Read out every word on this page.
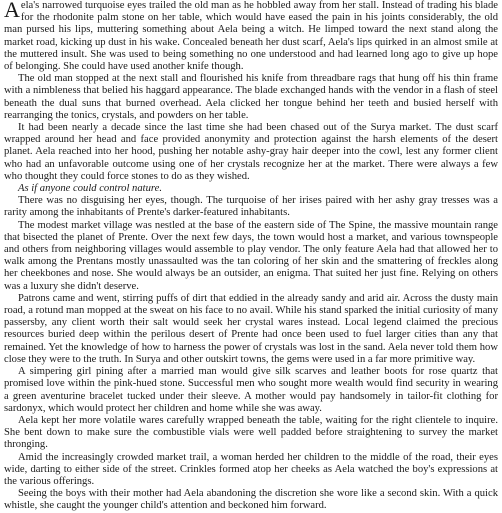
Aela's narrowed turquoise eyes trailed the old man as he hobbled away from her stall. Instead of trading his blade for the rhodonite palm stone on her table, which would have eased the pain in his joints considerably, the old man pursed his lips, muttering something about Aela being a witch. He limped toward the next stand along the market road, kicking up dust in his wake. Concealed beneath her dust scarf, Aela's lips quirked in an almost smile at the muttered insult. She was used to being something no one understood and had learned long ago to give up hope of belonging. She could have used another knife though.

The old man stopped at the next stall and flourished his knife from threadbare rags that hung off his thin frame with a nimbleness that belied his haggard appearance. The blade exchanged hands with the vendor in a flash of steel beneath the dual suns that burned overhead. Aela clicked her tongue behind her teeth and busied herself with rearranging the tonics, crystals, and powders on her table.

It had been nearly a decade since the last time she had been chased out of the Surya market. The dust scarf wrapped around her head and face provided anonymity and protection against the harsh elements of the desert planet. Aela reached into her hood, pushing her notable ashy-gray hair deeper into the cowl, lest any former client who had an unfavorable outcome using one of her crystals recognize her at the market. There were always a few who thought they could force stones to do as they wished.

As if anyone could control nature.

There was no disguising her eyes, though. The turquoise of her irises paired with her ashy gray tresses was a rarity among the inhabitants of Prente's darker-featured inhabitants.

The modest market village was nestled at the base of the eastern side of The Spine, the massive mountain range that bisected the planet of Prente. Over the next few days, the town would host a market, and various townspeople and others from neighboring villages would assemble to play vendor. The only feature Aela had that allowed her to walk among the Prentans mostly unassaulted was the tan coloring of her skin and the smattering of freckles along her cheekbones and nose. She would always be an outsider, an enigma. That suited her just fine. Relying on others was a luxury she didn't deserve.

Patrons came and went, stirring puffs of dirt that eddied in the already sandy and arid air. Across the dusty main road, a rotund man mopped at the sweat on his face to no avail. While his stand sparked the initial curiosity of many passersby, any client worth their salt would seek her crystal wares instead. Local legend claimed the precious resources buried deep within the perilous desert of Prente had once been used to fuel larger cities than any that remained. Yet the knowledge of how to harness the power of crystals was lost in the sand. Aela never told them how close they were to the truth. In Surya and other outskirt towns, the gems were used in a far more primitive way.

A simpering girl pining after a married man would give silk scarves and leather boots for rose quartz that promised love within the pink-hued stone. Successful men who sought more wealth would find security in wearing a green aventurine bracelet tucked under their sleeve. A mother would pay handsomely in tailor-fit clothing for sardonyx, which would protect her children and home while she was away.

Aela kept her more volatile wares carefully wrapped beneath the table, waiting for the right clientele to inquire. She bent down to make sure the combustible vials were well padded before straightening to survey the market thronging.

Amid the increasingly crowded market trail, a woman herded her children to the middle of the road, their eyes wide, darting to either side of the street. Crinkles formed atop her cheeks as Aela watched the boy's expressions at the various offerings.

Seeing the boys with their mother had Aela abandoning the discretion she wore like a second skin. With a quick whistle, she caught the younger child's attention and beckoned him forward.
